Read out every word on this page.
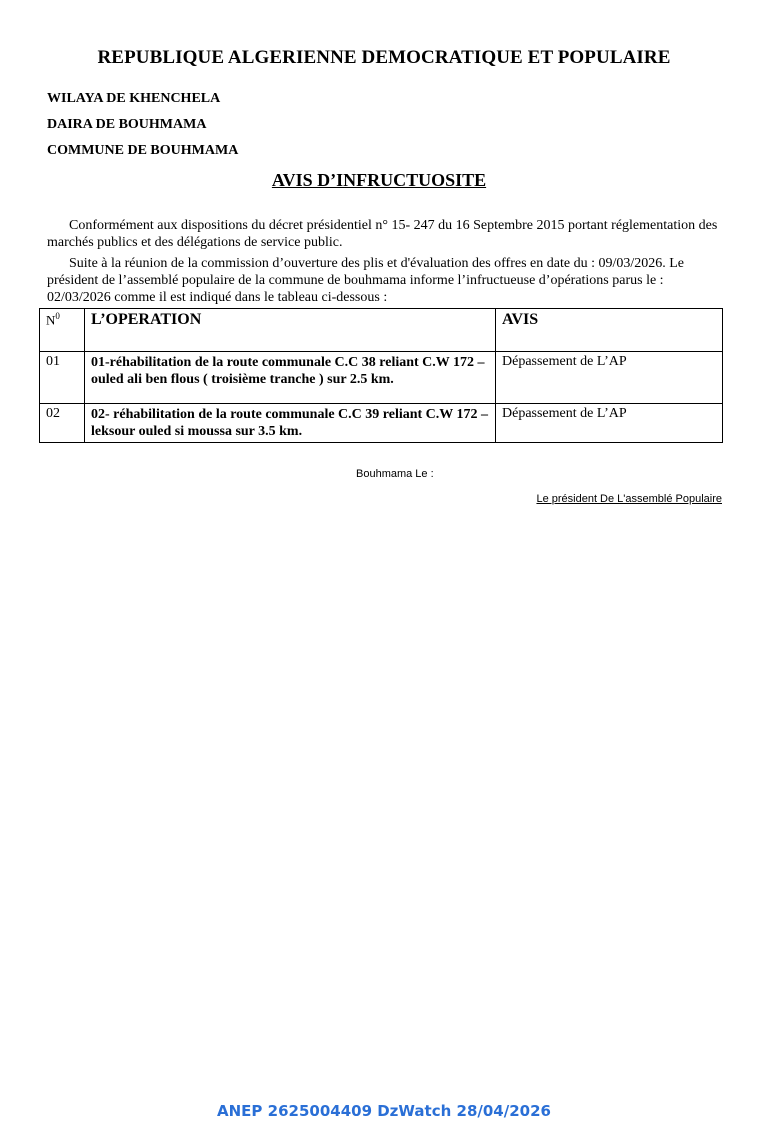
REPUBLIQUE ALGERIENNE DEMOCRATIQUE ET POPULAIRE
WILAYA DE KHENCHELA
DAIRA DE BOUHMAMA
COMMUNE DE BOUHMAMA
AVIS D’INFRUCTUOSITE
Conformément aux dispositions du décret présidentiel n° 15- 247 du 16 Septembre 2015 portant réglementation des marchés publics et des délégations de service public.
Suite à la réunion de la commission d’ouverture des plis et d'évaluation des offres en date du : 09/03/2026. Le président de l’assemblé populaire de la commune de bouhmama informe l’infructueuse d’opérations parus le : 02/03/2026 comme il est indiqué dans le tableau ci-dessous :
$N^0$	L’OPERATION	AVIS
01	01-réhabilitation de la route communale C.C 38 reliant C.W 172 –ouled ali ben flous ( troisième tranche ) sur 2.5 km.	Dépassement de L’AP
02	02- réhabilitation de la route communale C.C 39 reliant C.W 172 –leksour ouled si moussa sur 3.5 km.	Dépassement de L’AP
Bouhmama Le :
Le président De L'assemblé Populaire
ANEP 2625004409 DzWatch 28/04/2026
